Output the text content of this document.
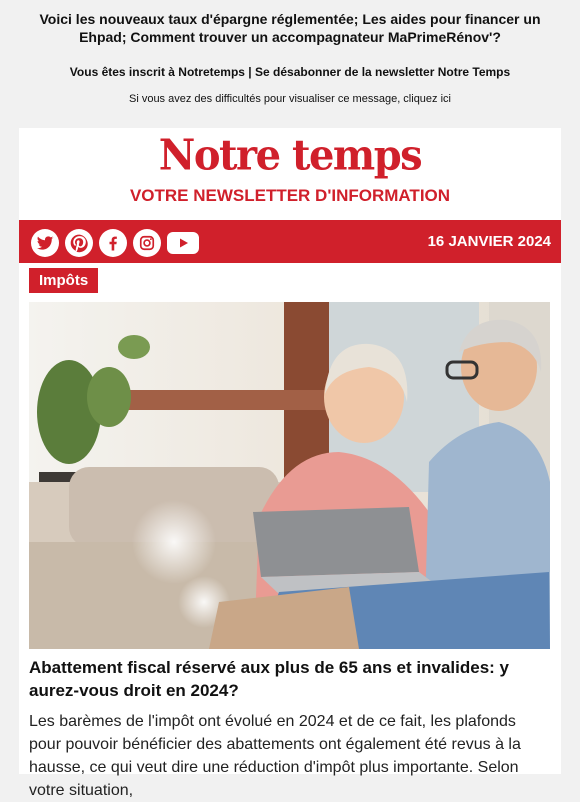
Voici les nouveaux taux d'épargne réglementée; Les aides pour financer un Ehpad; Comment trouver un accompagnateur MaPrimeRénov'?
Vous êtes inscrit à Notretemps | Se désabonner de la newsletter Notre Temps
Si vous avez des difficultés pour visualiser ce message, cliquez ici
Notre temps
VOTRE NEWSLETTER D'INFORMATION
16 JANVIER 2024
Impôts
Abattement fiscal réservé aux plus de 65 ans et invalides: y aurez-vous droit en 2024?
Les barèmes de l'impôt ont évolué en 2024 et de ce fait, les plafonds pour pouvoir bénéficier des abattements ont également été revus à la hausse, ce qui veut dire une réduction d'impôt plus importante. Selon votre situation,
